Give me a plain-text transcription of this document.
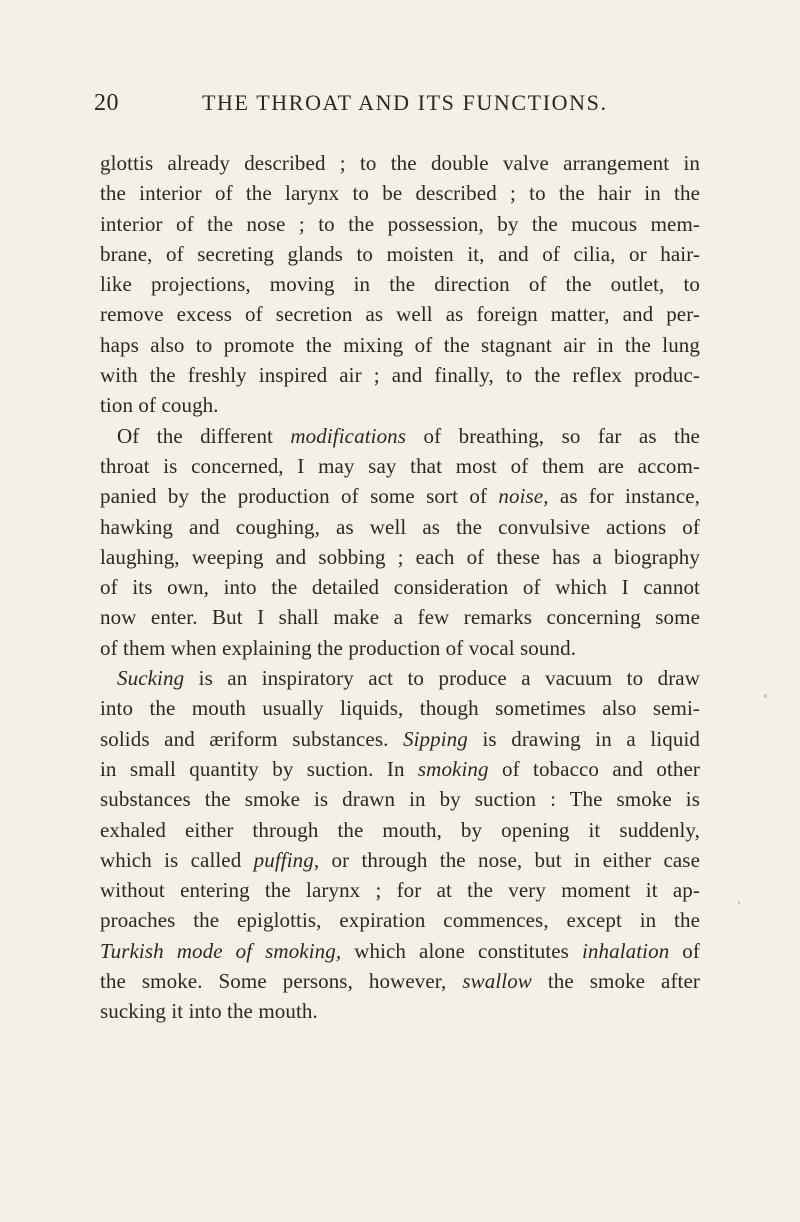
20	THE THROAT AND ITS FUNCTIONS.
glottis already described ; to the double valve arrangement in
the interior of the larynx to be described ; to the hair in the
interior of the nose ; to the possession, by the mucous mem-
brane, of secreting glands to moisten it, and of cilia, or hair-
like projections, moving in the direction of the outlet, to
remove excess of secretion as well as foreign matter, and per-
haps also to promote the mixing of the stagnant air in the lung
with the freshly inspired air ; and finally, to the reflex produc-
tion of cough.
Of the different modifications of breathing, so far as the
throat is concerned, I may say that most of them are accom-
panied by the production of some sort of noise, as for instance,
hawking and coughing, as well as the convulsive actions of
laughing, weeping and sobbing ; each of these has a biography
of its own, into the detailed consideration of which I cannot
now enter. But I shall make a few remarks concerning some
of them when explaining the production of vocal sound.
Sucking is an inspiratory act to produce a vacuum to draw
into the mouth usually liquids, though sometimes also semi-
solids and æriform substances. Sipping is drawing in a liquid
in small quantity by suction. In smoking of tobacco and other
substances the smoke is drawn in by suction : The smoke is
exhaled either through the mouth, by opening it suddenly,
which is called puffing, or through the nose, but in either case
without entering the larynx ; for at the very moment it ap-
proaches the epiglottis, expiration commences, except in the
Turkish mode of smoking, which alone constitutes inhalation of
the smoke. Some persons, however, swallow the smoke after
sucking it into the mouth.
